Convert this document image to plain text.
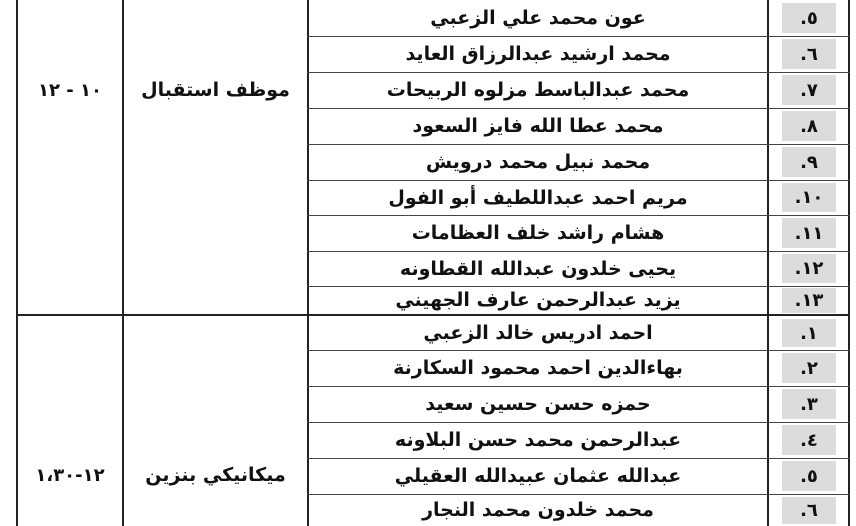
موظف استقبال
١٠ - ١٢
٥.
عون محمد علي الزعبي
٦.
محمد ارشيد عبدالرزاق العايد
٧.
محمد عبدالباسط مزلوه الربيحات
٨.
محمد عطا الله فايز السعود
٩.
محمد نبيل محمد درويش
١٠.
مريم احمد عبداللطيف أبو الفول
١١.
هشام راشد خلف العظامات
١٢.
يحيى خلدون عبدالله القطاونه
١٣.
يزيد عبدالرحمن عارف الجهيني
ميكانيكي بنزين
١٢-١،٣٠
١.
احمد ادريس خالد الزعبي
٢.
بهاءالدين احمد محمود السكارنة
٣.
حمزه حسن حسين سعيد
٤.
عبدالرحمن محمد حسن البلاونه
٥.
عبدالله عثمان عبيدالله العقيلي
٦.
محمد خلدون محمد النجار
